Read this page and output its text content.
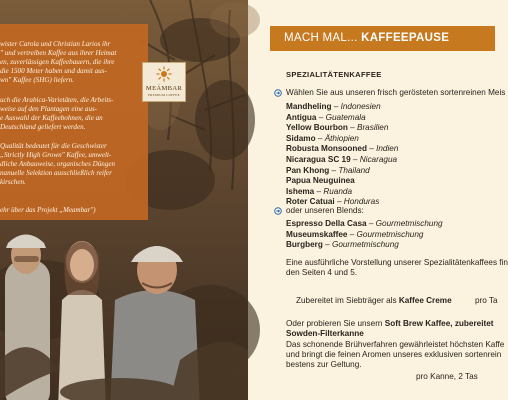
wister Carola und Christian Larios ihr
" und vertreiben Kaffee aus ihrer Heimat
en, zuverlässigen Kaffeebauern, die ihre
die 1500 Meter haben und damit aus-
wn" Kaffee (SHG) liefern.
uch die Arabica-Varietäten, die Arbeits-
weise auf den Plantagen eine aus-
e Auswahl der Kaffeebohnen, die an
Deutschland geliefert werden.
Qualität bedeutet für die Geschwister
„Strictly High Grown" Kaffee, umwelt-
dliche Anbauweise, organisches Düngen
nanuelle Selektion ausschließlich reifer
kirschen.
MEÁMBAR
PREMIUM COFFEE
ehr über das Projekt „Meambar")
MACH MAL... KAFFEEPAUSE
SPEZIALITÄTENKAFFEE
Wählen Sie aus unseren frisch gerösteten sortenreinen Meis
Mandheling – Indonesien
Antigua – Guatemala
Yellow Bourbon – Brasilien
Sidamo – Äthiopien
Robusta Monsooned – Indien
Nicaragua SC 19 – Nicaragua
Pan Khong – Thailand
Papua Neuguinea
Ishema – Ruanda
Roter Catuai – Honduras
oder unseren Blends:
Espresso Della Casa – Gourmetmischung
Museumskaffee – Gourmetmischung
Burgberg – Gourmetmischung
Eine ausführliche Vorstellung unserer Spezialitätenkaffees fin
den Seiten 4 und 5.
Zubereitet im Siebträger als Kaffee Creme	pro Ta
Oder probieren Sie unsern Soft Brew Kaffee, zubereitet
Sowden-Filterkanne
Das schonende Brühverfahren gewährleistet höchsten Kaffe
und bringt die feinen Aromen unseres exklusiven sortenrein
bestens zur Geltung.
pro Kanne, 2 Tas
